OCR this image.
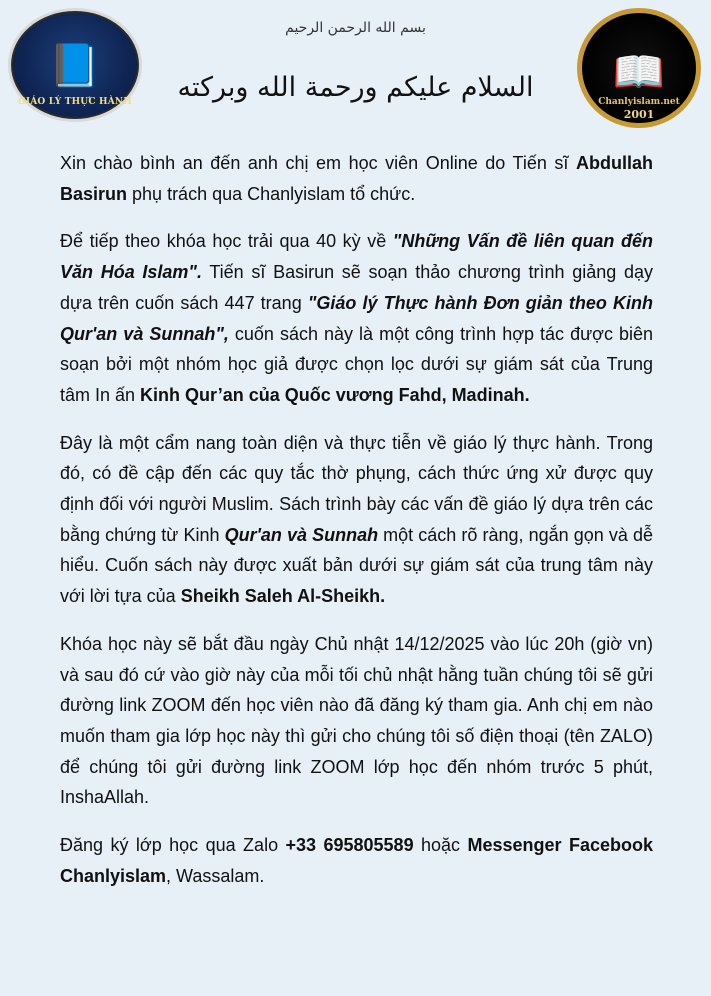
📘
GIÁO LÝ THỰC HÀNH
بسم الله الرحمن الرحيم
السلام عليكم ورحمة الله وبركته	📖
Chanlyislam.net
2001

Xin chào bình an đến anh chị em học viên Online do Tiến sĩ Abdullah Basirun phụ trách qua Chanlyislam tổ chức.

Để tiếp theo khóa học trải qua 40 kỳ về "Những Vấn đề liên quan đến Văn Hóa Islam". Tiến sĩ Basirun sẽ soạn thảo chương trình giảng dạy dựa trên cuốn sách 447 trang "Giáo lý Thực hành Đơn giản theo Kinh Qur'an và Sunnah", cuốn sách này là một công trình hợp tác được biên soạn bởi một nhóm học giả được chọn lọc dưới sự giám sát của Trung tâm In ấn Kinh Qur’an của Quốc vương Fahd, Madinah.

Đây là một cẩm nang toàn diện và thực tiễn về giáo lý thực hành. Trong đó, có đề cập đến các quy tắc thờ phụng, cách thức ứng xử được quy định đối với người Muslim. Sách trình bày các vấn đề giáo lý dựa trên các bằng chứng từ Kinh Qur'an và Sunnah một cách rõ ràng, ngắn gọn và dễ hiểu. Cuốn sách này được xuất bản dưới sự giám sát của trung tâm này với lời tựa của Sheikh Saleh Al-Sheikh.

Khóa học này sẽ bắt đầu ngày Chủ nhật 14/12/2025 vào lúc 20h (giờ vn) và sau đó cứ vào giờ này của mỗi tối chủ nhật hằng tuần chúng tôi sẽ gửi đường link ZOOM đến học viên nào đã đăng ký tham gia. Anh chị em nào muốn tham gia lớp học này thì gửi cho chúng tôi số điện thoại (tên ZALO) để chúng tôi gửi đường link ZOOM lớp học đến nhóm trước 5 phút, InshaAllah.

Đăng ký lớp học qua Zalo +33 695805589 hoặc Messenger Facebook Chanlyislam, Wassalam.
